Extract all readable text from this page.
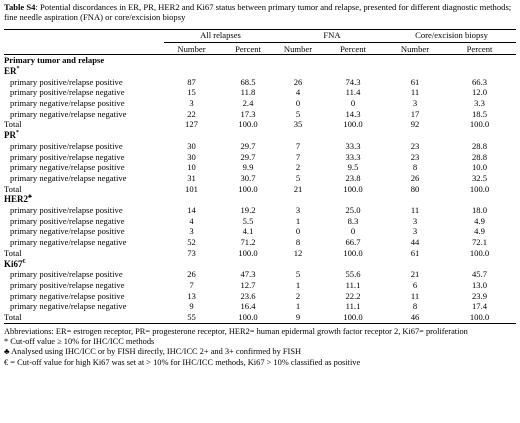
Table S4: Potential discordances in ER, PR, HER2 and Ki67 status between primary tumor and relapse, presented for different diagnostic methods; fine needle aspiration (FNA) or core/excision biopsy
	All relapses		FNA		Core/excision biopsy	
	Number	Percent	Number	Percent	Number	Percent
Primary tumor and relapse						
ER*
primary positive/relapse positive	87	68.5	26	74.3	61	66.3
primary positive/relapse negative	15	11.8	4	11.4	11	12.0
primary negative/relapse positive	3	2.4	0	0	3	3.3
primary negative/relapse negative	22	17.3	5	14.3	17	18.5
Total	127	100.0	35	100.0	92	100.0
PR*
primary positive/relapse positive	30	29.7	7	33.3	23	28.8
primary positive/relapse negative	30	29.7	7	33.3	23	28.8
primary negative/relapse positive	10	9.9	2	9.5	8	10.0
primary negative/relapse negative	31	30.7	5	23.8	26	32.5
Total	101	100.0	21	100.0	80	100.0
HER2♣
primary positive/relapse positive	14	19.2	3	25.0	11	18.0
primary positive/relapse negative	4	5.5	1	8.3	3	4.9
primary negative/relapse positive	3	4.1	0	0	3	4.9
primary negative/relapse negative	52	71.2	8	66.7	44	72.1
Total	73	100.0	12	100.0	61	100.0
Ki67€
primary positive/relapse positive	26	47.3	5	55.6	21	45.7
primary positive/relapse negative	7	12.7	1	11.1	6	13.0
primary negative/relapse positive	13	23.6	2	22.2	11	23.9
primary negative/relapse negative	9	16.4	1	11.1	8	17.4
Total	55	100.0	9	100.0	46	100.0
Abbreviations: ER= estrogen receptor, PR= progesterone receptor, HER2= human epidermal growth factor receptor 2, Ki67= proliferation
* Cut-off value ≥ 10% for IHC/ICC methods
♣ Analysed using IHC/ICC or by FISH directly, IHC/ICC 2+ and 3+ confirmed by FISH
€ = Cut-off value for high Ki67 was set at > 10% for IHC/ICC methods, Ki67 > 10% classified as positive
